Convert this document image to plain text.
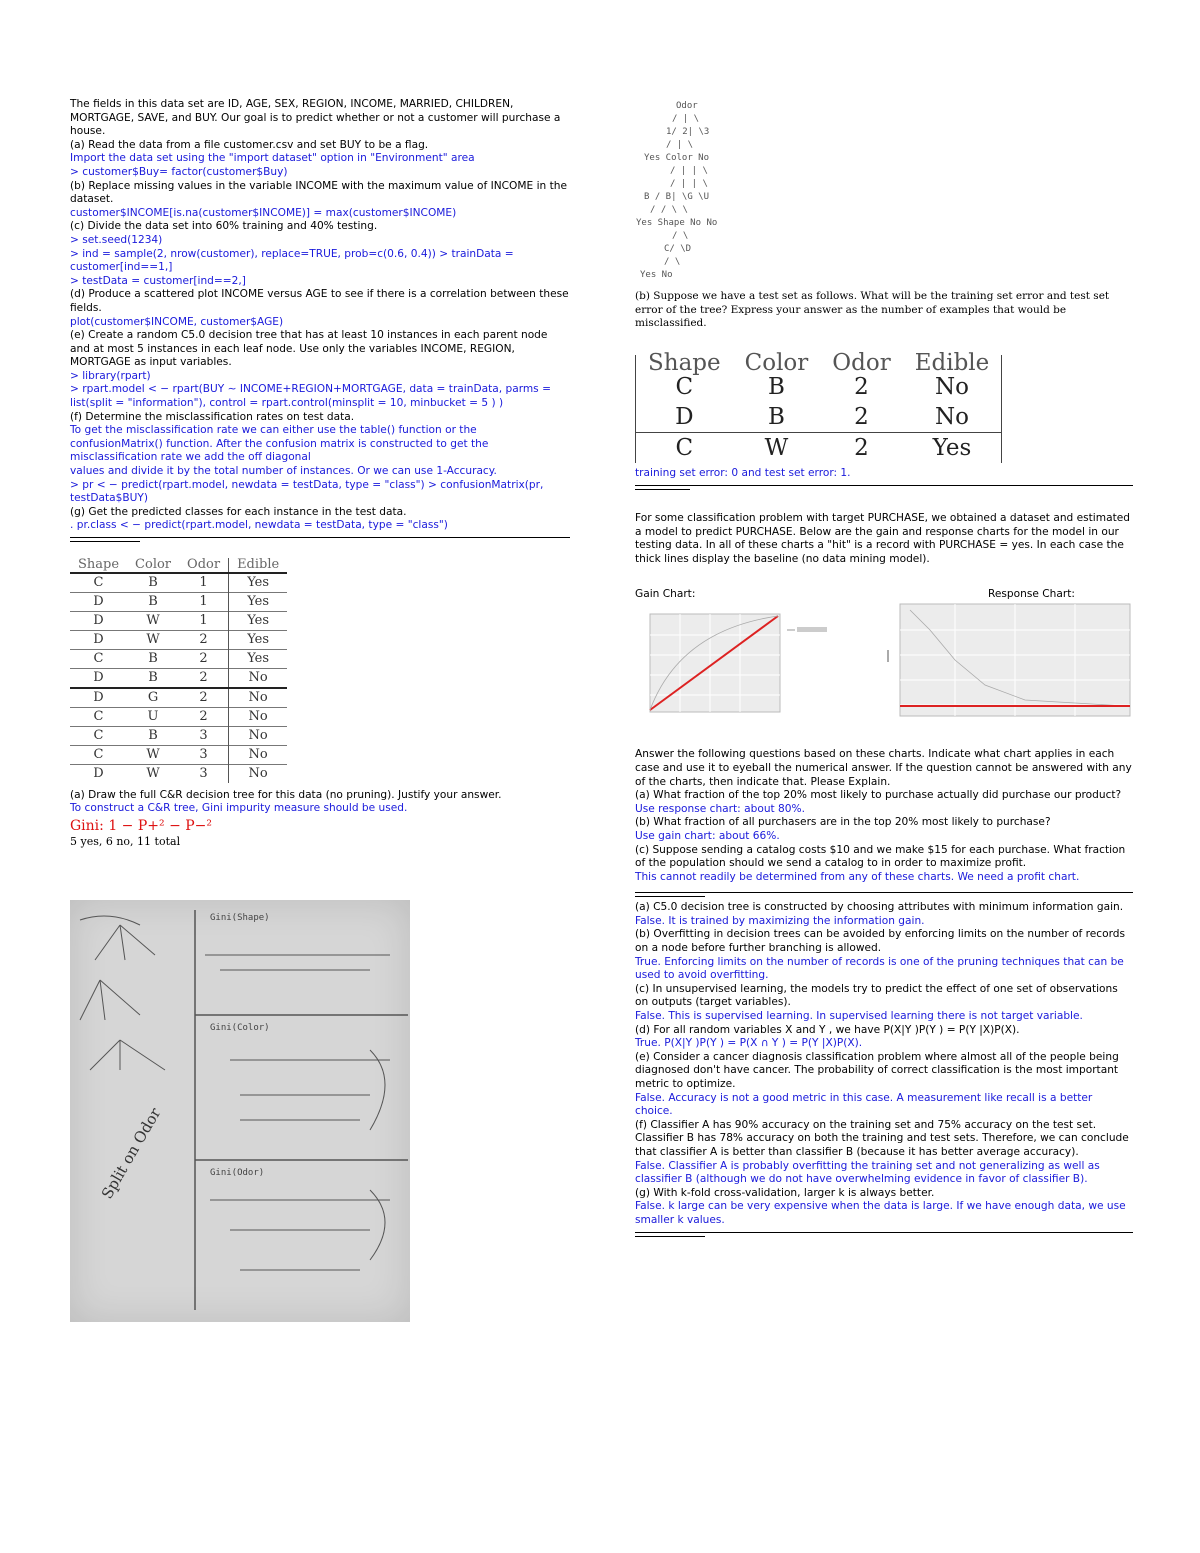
The fields in this data set are ID, AGE, SEX, REGION, INCOME, MARRIED, CHILDREN, MORTGAGE, SAVE, and BUY. Our goal is to predict whether or not a customer will purchase a house.

(a) Read the data from a file customer.csv and set BUY to be a flag.

Import the data set using the "import dataset" option in "Environment" area

> customer$Buy= factor(customer$Buy)

(b) Replace missing values in the variable INCOME with the maximum value of INCOME in the dataset.

customer$INCOME[is.na(customer$INCOME)] = max(customer$INCOME)

(c) Divide the data set into 60% training and 40% testing.

> set.seed(1234)

> ind = sample(2, nrow(customer), replace=TRUE, prob=c(0.6, 0.4)) > trainData = customer[ind==1,]

> testData = customer[ind==2,]

(d) Produce a scattered plot INCOME versus AGE to see if there is a correlation between these fields.

plot(customer$INCOME, customer$AGE)

(e) Create a random C5.0 decision tree that has at least 10 instances in each parent node and at most 5 instances in each leaf node. Use only the variables INCOME, REGION, MORTGAGE as input variables.

> library(rpart)

> rpart.model < − rpart(BUY ∼ INCOME+REGION+MORTGAGE, data = trainData, parms = list(split = "information"), control = rpart.control(minsplit = 10, minbucket = 5 ) )

(f) Determine the misclassification rates on test data.

To get the misclassification rate we can either use the table() function or the confusionMatrix() function. After the confusion matrix is constructed to get the misclassification rate we add the off diagonal

values and divide it by the total number of instances. Or we can use 1-Accuracy.

> pr < − predict(rpart.model, newdata = testData, type = "class") > confusionMatrix(pr, testData$BUY)

(g) Get the predicted classes for each instance in the test data.

. pr.class < − predict(rpart.model, newdata = testData, type = "class")

Shape	Color	Odor	Edible
C	B	1	Yes
D	B	1	Yes
D	W	1	Yes
D	W	2	Yes
C	B	2	Yes
D	B	2	No
D	G	2	No
C	U	2	No
C	B	3	No
C	W	3	No
D	W	3	No

(a) Draw the full C&R decision tree for this data (no pruning). Justify your answer.

To construct a C&R tree, Gini impurity measure should be used.

Gini: 1 − P+² − P−²

5 yes, 6 no, 11 total

Gini(Shape)
Gini(Color)
Gini(Odor)
Split on Odor
Odor
/ | \
1/ 2| \3
/ | \
Yes Color No
/ | | \
/ | | \
B / B| \G \U
/ / \ \
Yes Shape No No
/ \
C/ \D
/ \
Yes No

(b) Suppose we have a test set as follows. What will be the training set error and test set error of the tree? Express your answer as the number of examples that would be misclassified.

Shape	Color	Odor	Edible
C	B	2	No
D	B	2	No
C	W	2	Yes

training set error: 0 and test set error: 1.

For some classification problem with target PURCHASE, we obtained a dataset and estimated a model to predict PURCHASE. Below are the gain and response charts for the model in our testing data. In all of these charts a "hit" is a record with PURCHASE = yes. In each case the thick lines display the baseline (no data mining model).

Gain Chart:	Response Chart:

Answer the following questions based on these charts. Indicate what chart applies in each case and use it to eyeball the numerical answer. If the question cannot be answered with any of the charts, then indicate that. Please Explain.

(a) What fraction of the top 20% most likely to purchase actually did purchase our product?

Use response chart: about 80%.

(b) What fraction of all purchasers are in the top 20% most likely to purchase?

Use gain chart: about 66%.

(c) Suppose sending a catalog costs $10 and we make $15 for each purchase. What fraction of the population should we send a catalog to in order to maximize profit.

This cannot readily be determined from any of these charts. We need a profit chart.

(a) C5.0 decision tree is constructed by choosing attributes with minimum information gain.

False. It is trained by maximizing the information gain.

(b) Overfitting in decision trees can be avoided by enforcing limits on the number of records on a node before further branching is allowed.

True. Enforcing limits on the number of records is one of the pruning techniques that can be used to avoid overfitting.

(c) In unsupervised learning, the models try to predict the effect of one set of observations on outputs (target variables).

False. This is supervised learning. In supervised learning there is not target variable.

(d) For all random variables X and Y , we have P(X|Y )P(Y ) = P(Y |X)P(X).

True. P(X|Y )P(Y ) = P(X ∩ Y ) = P(Y |X)P(X).

(e) Consider a cancer diagnosis classification problem where almost all of the people being diagnosed don't have cancer. The probability of correct classification is the most important metric to optimize.

False. Accuracy is not a good metric in this case. A measurement like recall is a better choice.

(f) Classifier A has 90% accuracy on the training set and 75% accuracy on the test set. Classifier B has 78% accuracy on both the training and test sets. Therefore, we can conclude that classifier A is better than classifier B (because it has better average accuracy).

False. Classifier A is probably overfitting the training set and not generalizing as well as classifier B (although we do not have overwhelming evidence in favor of classifier B).

(g) With k-fold cross-validation, larger k is always better.

False. k large can be very expensive when the data is large. If we have enough data, we use smaller k values.
